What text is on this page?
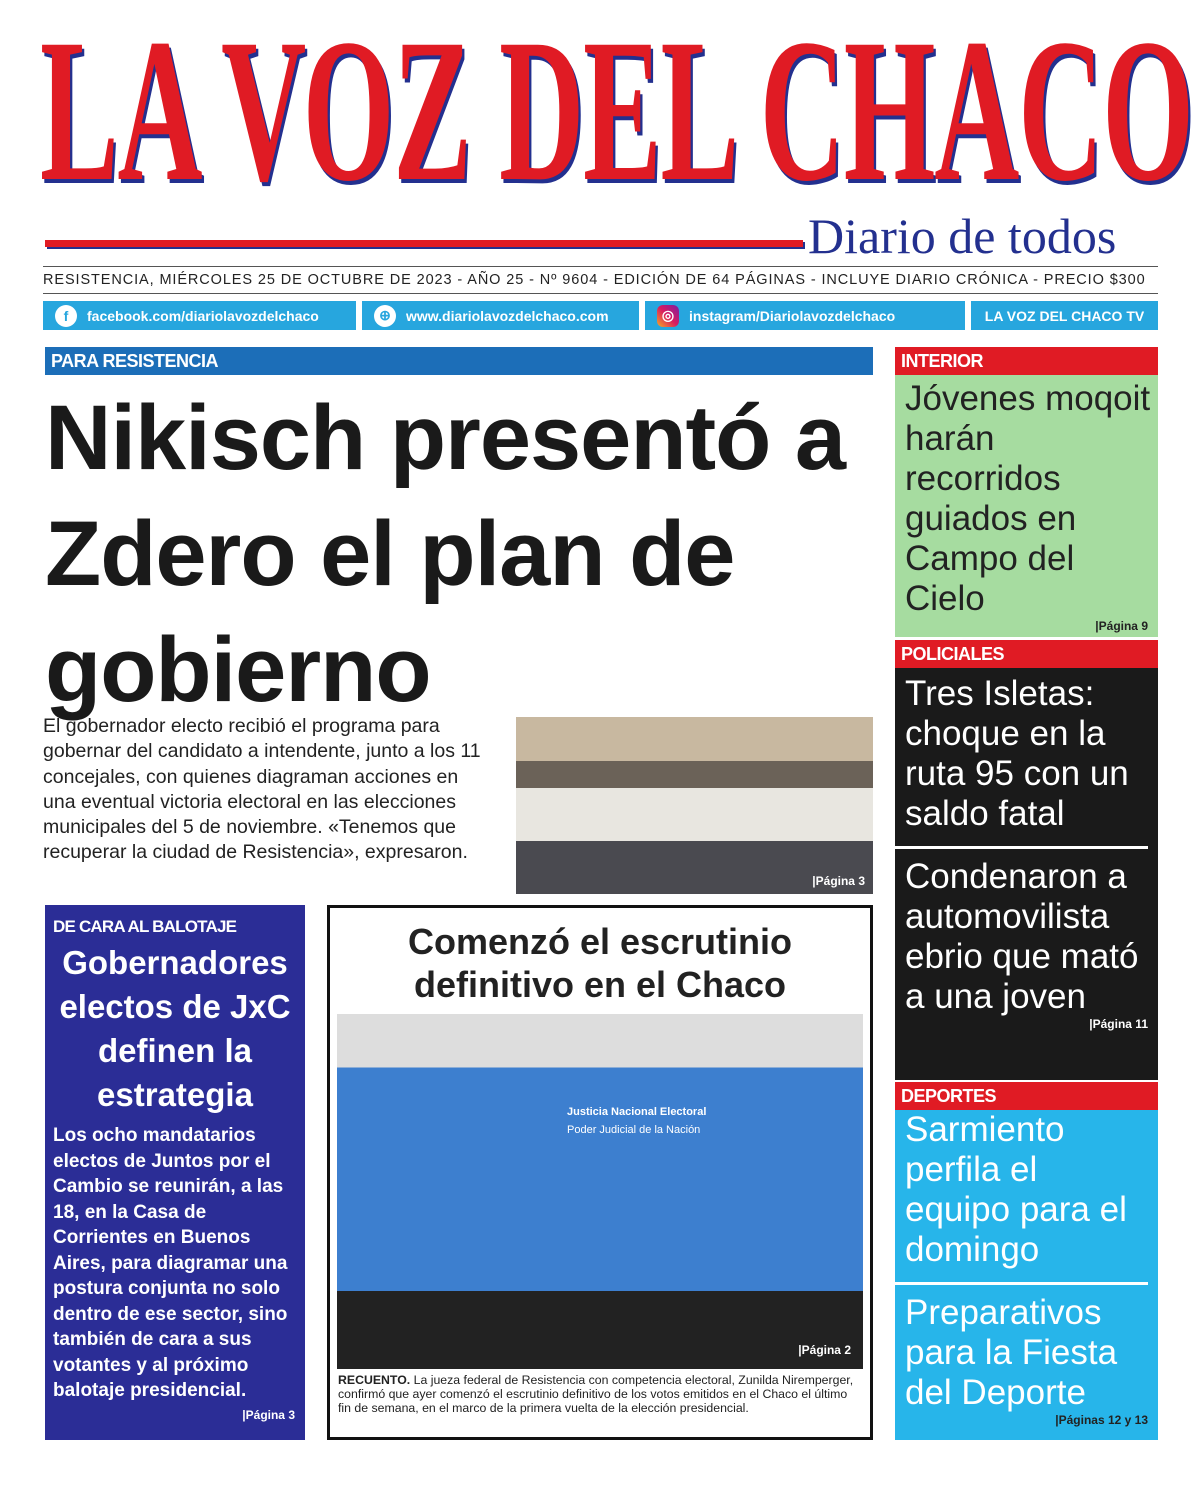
LA VOZ DEL CHACO
Diario de todos
RESISTENCIA, MIÉRCOLES 25 DE OCTUBRE DE 2023 - AÑO 25 - Nº 9604 - EDICIÓN DE 64 PÁGINAS - INCLUYE DIARIO CRÓNICA - PRECIO $300
f	facebook.com/diariolavozdelchaco	⊕	www.diariolavozdelchaco.com	◎	instagram/Diariolavozdelchaco	LA VOZ DEL CHACO TV
PARA RESISTENCIA
Nikisch presentó a Zdero el plan de gobierno
El gobernador electo recibió el programa para gobernar del candidato a intendente, junto a los 11 concejales, con quienes diagraman acciones en una eventual victoria electoral en las elecciones municipales del 5 de noviembre. «Tenemos que recuperar la ciudad de Resistencia», expresaron.
|Página 3
DE CARA AL BALOTAJE
Gobernadores electos de JxC definen la estrategia
Los ocho mandatarios electos de Juntos por el Cambio se reunirán, a las 18, en la Casa de Corrientes en Buenos Aires, para diagramar una postura conjunta no solo dentro de ese sector, sino también de cara a sus votantes y al próximo balotaje presidencial.
|Página 3
Comenzó el escrutinio definitivo en el Chaco
Justicia Nacional Electoral
Poder Judicial de la Nación
|Página 2
RECUENTO. La jueza federal de Resistencia con competencia electoral, Zunilda Niremperger, confirmó que ayer comenzó el escrutinio definitivo de los votos emitidos en el Chaco el último fin de semana, en el marco de la primera vuelta de la elección presidencial.
INTERIOR
Jóvenes moqoit harán recorridos guiados en Campo del Cielo
|Página 9
POLICIALES
Tres Isletas: choque en la ruta 95 con un saldo fatal
Condenaron a automovilista ebrio que mató a una joven
|Página 11
DEPORTES
Sarmiento perfila el equipo para el domingo
Preparativos para la Fiesta del Deporte
|Páginas 12 y 13
